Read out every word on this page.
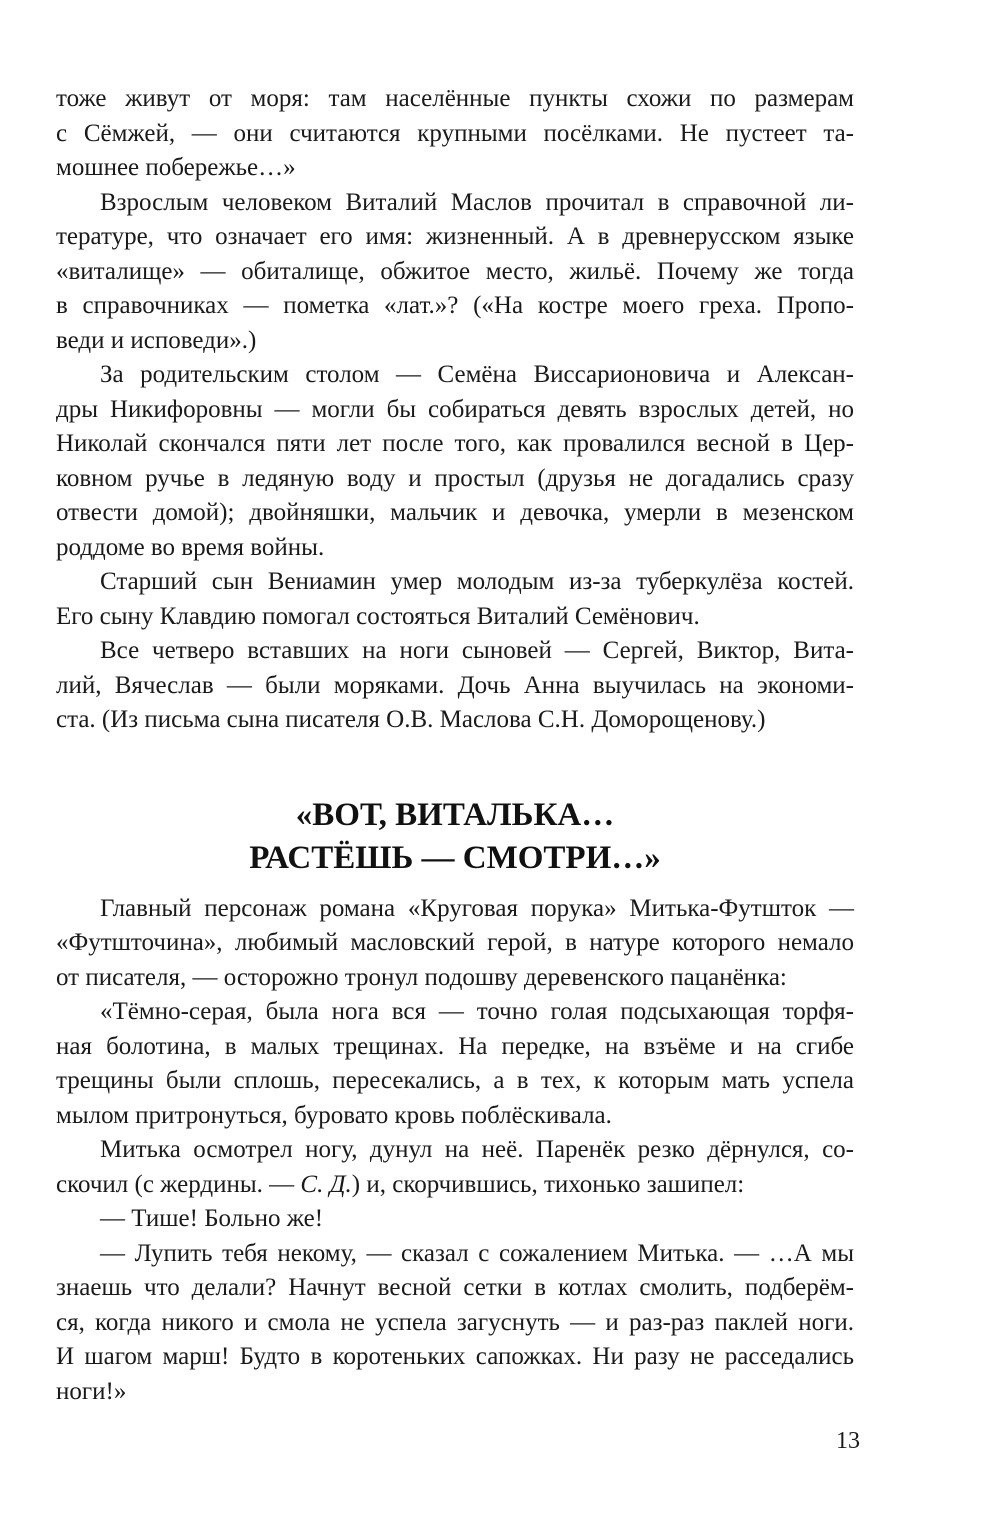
тоже живут от моря: там населённые пункты схожи по размерам
с Сёмжей, — они считаются крупными посёлками. Не пустеет та-
мошнее побережье…»
Взрослым человеком Виталий Маслов прочитал в справочной ли-
тературе, что означает его имя: жизненный. А в древнерусском языке
«виталище» — обиталище, обжитое место, жильё. Почему же тогда
в справочниках — пометка «лат.»? («На костре моего греха. Пропо-
веди и исповеди».)
За родительским столом — Семёна Виссарионовича и Алексан-
дры Никифоровны — могли бы собираться девять взрослых детей, но
Николай скончался пяти лет после того, как провалился весной в Цер-
ковном ручье в ледяную воду и простыл (друзья не догадались сразу
отвести домой); двойняшки, мальчик и девочка, умерли в мезенском
роддоме во время войны.
Старший сын Вениамин умер молодым из-за туберкулёза костей.
Его сыну Клавдию помогал состояться Виталий Семёнович.
Все четверо вставших на ноги сыновей — Сергей, Виктор, Вита-
лий, Вячеслав — были моряками. Дочь Анна выучилась на экономи-
ста. (Из письма сына писателя О.В. Маслова С.Н. Доморощенову.)
«ВОТ, ВИТАЛЬКА…
РАСТЁШЬ — СМОТРИ…»
Главный персонаж романа «Круговая порука» Митька-Футшток —
«Футшточина», любимый масловский герой, в натуре которого немало
от писателя, — осторожно тронул подошву деревенского пацанёнка:
«Тёмно-серая, была нога вся — точно голая подсыхающая торфя-
ная болотина, в малых трещинах. На передке, на взъёме и на сгибе
трещины были сплошь, пересекались, а в тех, к которым мать успела
мылом притронуться, буровато кровь поблёскивала.
Митька осмотрел ногу, дунул на неё. Паренёк резко дёрнулся, со-
скочил (с жердины. — С. Д.) и, скорчившись, тихонько зашипел:
— Тише! Больно же!
— Лупить тебя некому, — сказал с сожалением Митька. — …А мы
знаешь что делали? Начнут весной сетки в котлах смолить, подберём-
ся, когда никого и смола не успела загуснуть — и раз-раз паклей ноги.
И шагом марш! Будто в коротеньких сапожках. Ни разу не расседались
ноги!»
13
